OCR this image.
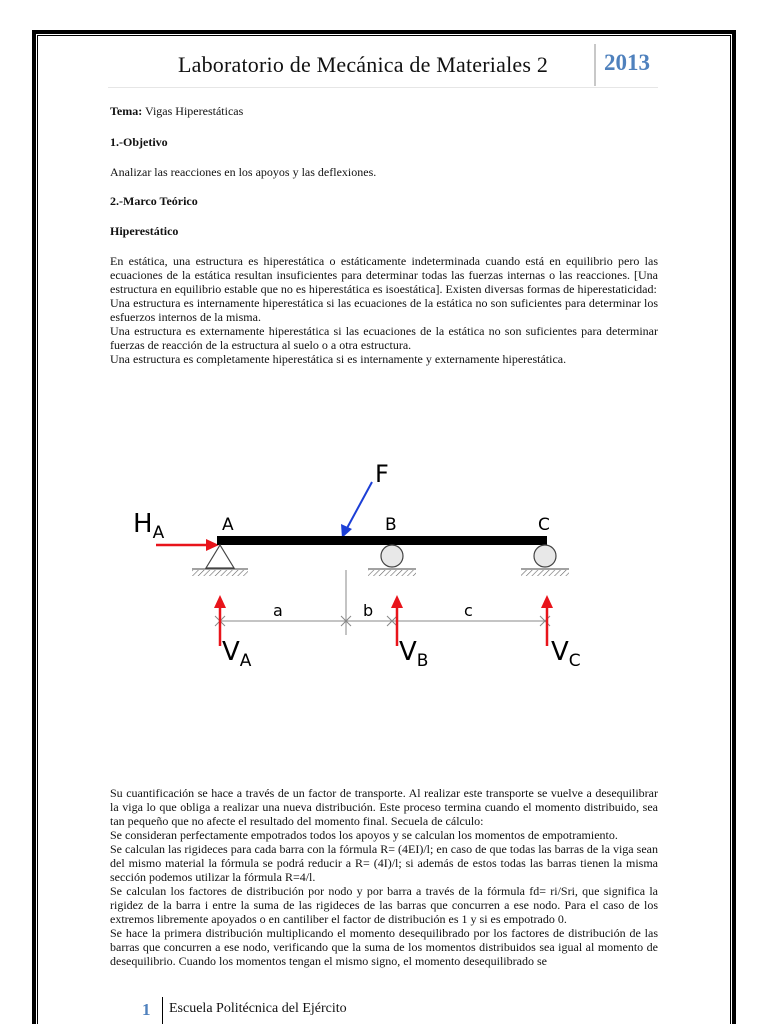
Laboratorio de Mecánica de Materiales 2 2013

Tema: Vigas Hiperestáticas

1.-Objetivo
Analizar las reacciones en los apoyos y las deflexiones.
2.-Marco Teórico
Hiperestático

En estática, una estructura es hiperestática o estáticamente indeterminada cuando está en equilibrio pero las ecuaciones de la estática resultan insuficientes para determinar todas las fuerzas internas o las reacciones. [Una estructura en equilibrio estable que no es hiperestática es isoestática]. Existen diversas formas de hiperestaticidad:

Una estructura es internamente hiperestática si las ecuaciones de la estática no son suficientes para determinar los esfuerzos internos de la misma.

Una estructura es externamente hiperestática si las ecuaciones de la estática no son suficientes para determinar fuerzas de reacción de la estructura al suelo o a otra estructura.

Una estructura es completamente hiperestática si es internamente y externamente hiperestática.

F
$H_A$	A	B	C
a	b	c
$V_A$	$V_B$	$V_C$

Su cuantificación se hace a través de un factor de transporte. Al realizar este transporte se vuelve a desequilibrar la viga lo que obliga a realizar una nueva distribución. Este proceso termina cuando el momento distribuido, sea tan pequeño que no afecte el resultado del momento final. Secuela de cálculo:

Se consideran perfectamente empotrados todos los apoyos y se calculan los momentos de empotramiento.

Se calculan las rigideces para cada barra con la fórmula R= (4EI)/l; en caso de que todas las barras de la viga sean del mismo material la fórmula se podrá reducir a R= (4I)/l; si además de estos todas las barras tienen la misma sección podemos utilizar la fórmula R=4/l.

Se calculan los factores de distribución por nodo y por barra a través de la fórmula fd= ri/Sri, que significa la rigidez de la barra i entre la suma de las rigideces de las barras que concurren a ese nodo. Para el caso de los extremos libremente apoyados o en cantiliber el factor de distribución es 1 y si es empotrado 0.

Se hace la primera distribución multiplicando el momento desequilibrado por los factores de distribución de las barras que concurren a ese nodo, verificando que la suma de los momentos distribuidos sea igual al momento de desequilibrio. Cuando los momentos tengan el mismo signo, el momento desequilibrado se

1 Escuela Politécnica del Ejército
